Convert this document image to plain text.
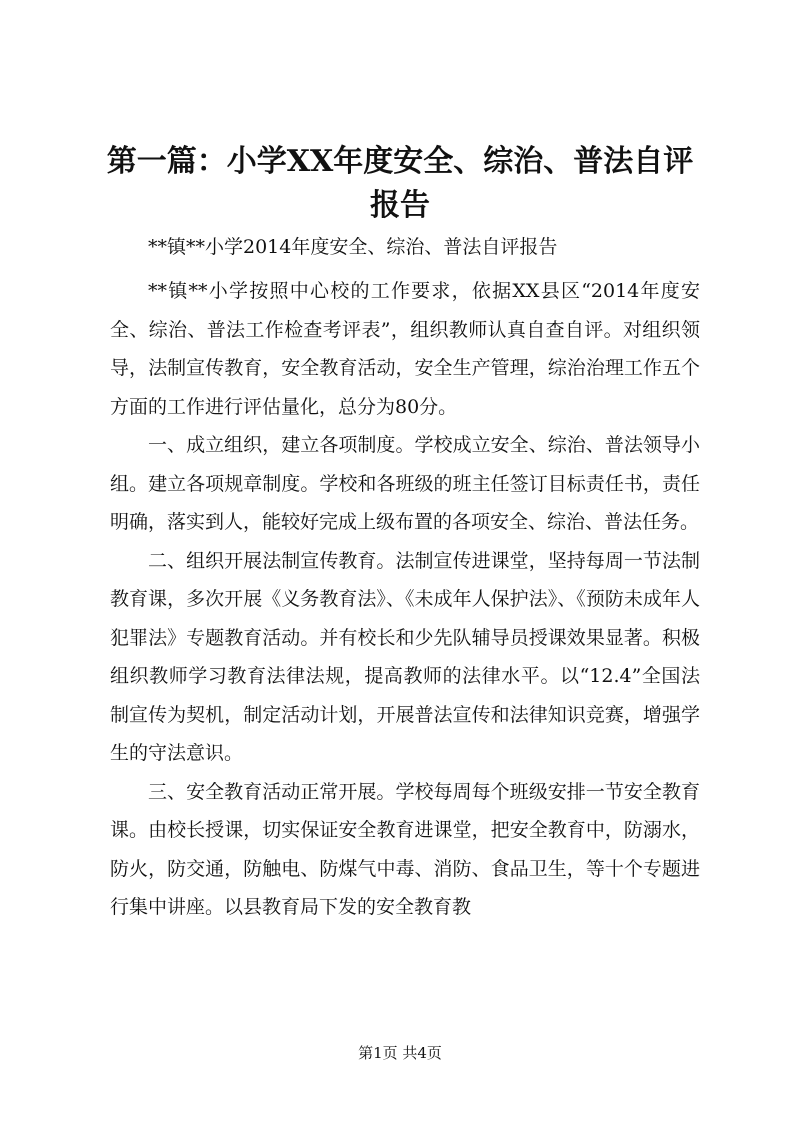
第一篇：小学XX年度安全、综治、普法自评报告
**镇**小学2014年度安全、综治、普法自评报告

**镇**小学按照中心校的工作要求，依据XX县区“2014年度安全、综治、普法工作检查考评表”，组织教师认真自查自评。对组织领导，法制宣传教育，安全教育活动，安全生产管理，综治治理工作五个方面的工作进行评估量化，总分为80分。

一、成立组织，建立各项制度。学校成立安全、综治、普法领导小组。建立各项规章制度。学校和各班级的班主任签订目标责任书，责任明确，落实到人，能较好完成上级布置的各项安全、综治、普法任务。

二、组织开展法制宣传教育。法制宣传进课堂，坚持每周一节法制教育课，多次开展《义务教育法》、《未成年人保护法》、《预防未成年人犯罪法》专题教育活动。并有校长和少先队辅导员授课效果显著。积极组织教师学习教育法律法规，提高教师的法律水平。以“12.4”全国法制宣传为契机，制定活动计划，开展普法宣传和法律知识竞赛，增强学生的守法意识。

三、安全教育活动正常开展。学校每周每个班级安排一节安全教育课。由校长授课，切实保证安全教育进课堂，把安全教育中，防溺水，防火，防交通，防触电、防煤气中毒、消防、食品卫生，等十个专题进行集中讲座。以县教育局下发的安全教育教

第1页 共4页
